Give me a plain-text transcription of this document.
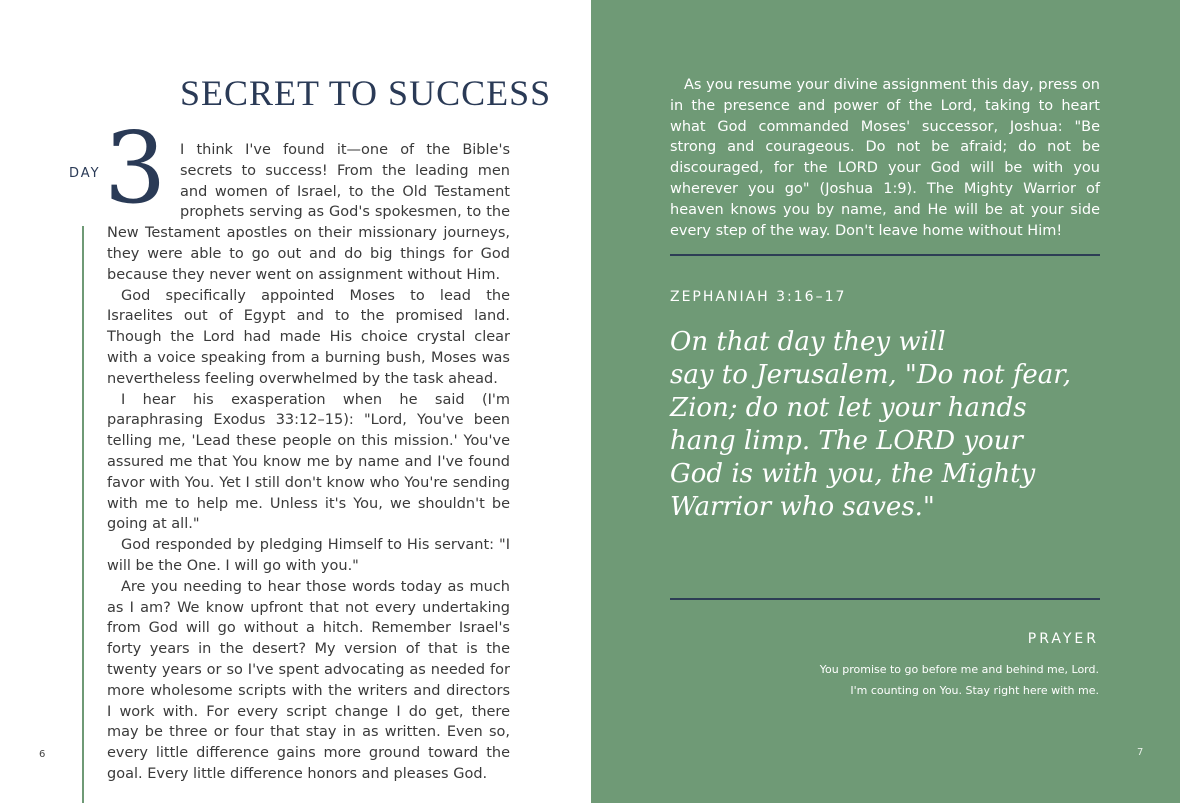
SECRET TO SUCCESS
DAY 3 I think I've found it—one of the Bible's secrets to success! From the leading men and women of Israel, to the Old Testament prophets serving as God's spokesmen, to the New Testament apostles on their missionary journeys, they were able to go out and do big things for God because they never went on assignment without Him.

God specifically appointed Moses to lead the Israelites out of Egypt and to the promised land. Though the Lord had made His choice crystal clear with a voice speaking from a burning bush, Moses was nevertheless feeling overwhelmed by the task ahead.

I hear his exasperation when he said (I'm paraphrasing Exodus 33:12–15): "Lord, You've been telling me, 'Lead these people on this mission.' You've assured me that You know me by name and I've found favor with You. Yet I still don't know who You're sending with me to help me. Unless it's You, we shouldn't be going at all."

God responded by pledging Himself to His servant: "I will be the One. I will go with you."

Are you needing to hear those words today as much as I am? We know upfront that not every undertaking from God will go without a hitch. Remember Israel's forty years in the desert? My version of that is the twenty years or so I've spent advocating as needed for more wholesome scripts with the writers and directors I work with. For every script change I do get, there may be three or four that stay in as written. Even so, every little difference gains more ground toward the goal. Every little difference honors and pleases God.

6

As you resume your divine assignment this day, press on in the presence and power of the Lord, taking to heart what God commanded Moses' successor, Joshua: "Be strong and courageous. Do not be afraid; do not be discouraged, for the LORD your God will be with you wherever you go" (Joshua 1:9). The Mighty Warrior of heaven knows you by name, and He will be at your side every step of the way. Don't leave home without Him!

ZEPHANIAH 3:16–17

On that day they will
say to Jerusalem, "Do not fear,
Zion; do not let your hands
hang limp. The LORD your
God is with you, the Mighty
Warrior who saves."

PRAYER

You promise to go before me and behind me, Lord.
I'm counting on You. Stay right here with me.

7
